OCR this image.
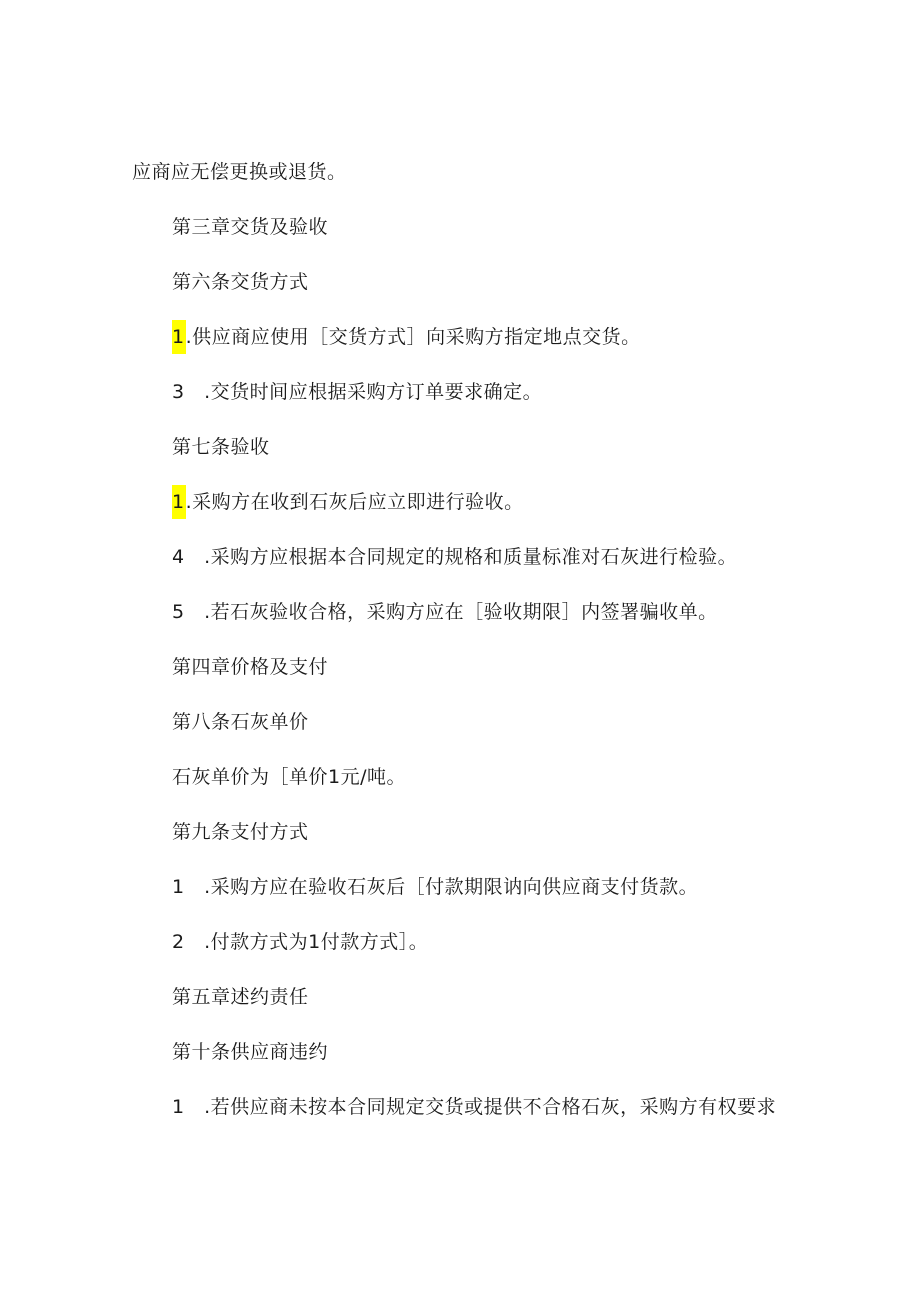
应商应无偿更换或退货。
第三章交货及验收
第六条交货方式
1.供应商应使用［交货方式］向采购方指定地点交货。
3　.交货时间应根据采购方订单要求确定。
第七条验收
1.采购方在收到石灰后应立即进行验收。
4　.采购方应根据本合同规定的规格和质量标准对石灰进行检验。
5　.若石灰验收合格，采购方应在［验收期限］内签署骗收单。
第四章价格及支付
第八条石灰单价
石灰单价为［单价1元/吨。
第九条支付方式
1　.采购方应在验收石灰后［付款期限讷向供应商支付货款。
2　.付款方式为1付款方式］。
第五章述约责任
第十条供应商违约
1　.若供应商未按本合同规定交货或提供不合格石灰，采购方有权要求
